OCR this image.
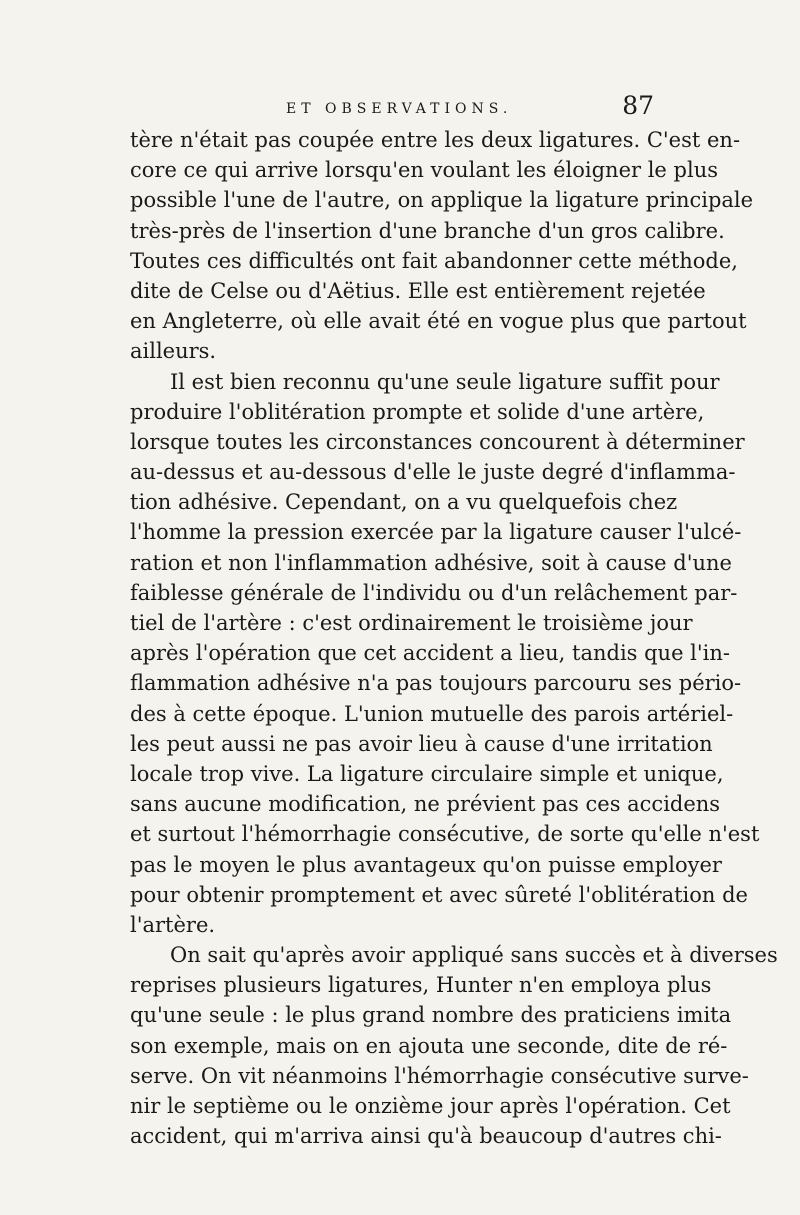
ET OBSERVATIONS.	87
tère n'était pas coupée entre les deux ligatures. C'est en-
core ce qui arrive lorsqu'en voulant les éloigner le plus
possible l'une de l'autre, on applique la ligature principale
très-près de l'insertion d'une branche d'un gros calibre.
Toutes ces difficultés ont fait abandonner cette méthode,
dite de Celse ou d'Aëtius. Elle est entièrement rejetée
en Angleterre, où elle avait été en vogue plus que partout
ailleurs.
Il est bien reconnu qu'une seule ligature suffit pour
produire l'oblitération prompte et solide d'une artère,
lorsque toutes les circonstances concourent à déterminer
au-dessus et au-dessous d'elle le juste degré d'inflamma-
tion adhésive. Cependant, on a vu quelquefois chez
l'homme la pression exercée par la ligature causer l'ulcé-
ration et non l'inflammation adhésive, soit à cause d'une
faiblesse générale de l'individu ou d'un relâchement par-
tiel de l'artère : c'est ordinairement le troisième jour
après l'opération que cet accident a lieu, tandis que l'in-
flammation adhésive n'a pas toujours parcouru ses pério-
des à cette époque. L'union mutuelle des parois artériel-
les peut aussi ne pas avoir lieu à cause d'une irritation
locale trop vive. La ligature circulaire simple et unique,
sans aucune modification, ne prévient pas ces accidens
et surtout l'hémorrhagie consécutive, de sorte qu'elle n'est
pas le moyen le plus avantageux qu'on puisse employer
pour obtenir promptement et avec sûreté l'oblitération de
l'artère.
On sait qu'après avoir appliqué sans succès et à diverses
reprises plusieurs ligatures, Hunter n'en employa plus
qu'une seule : le plus grand nombre des praticiens imita
son exemple, mais on en ajouta une seconde, dite de ré-
serve. On vit néanmoins l'hémorrhagie consécutive surve-
nir le septième ou le onzième jour après l'opération. Cet
accident, qui m'arriva ainsi qu'à beaucoup d'autres chi-
